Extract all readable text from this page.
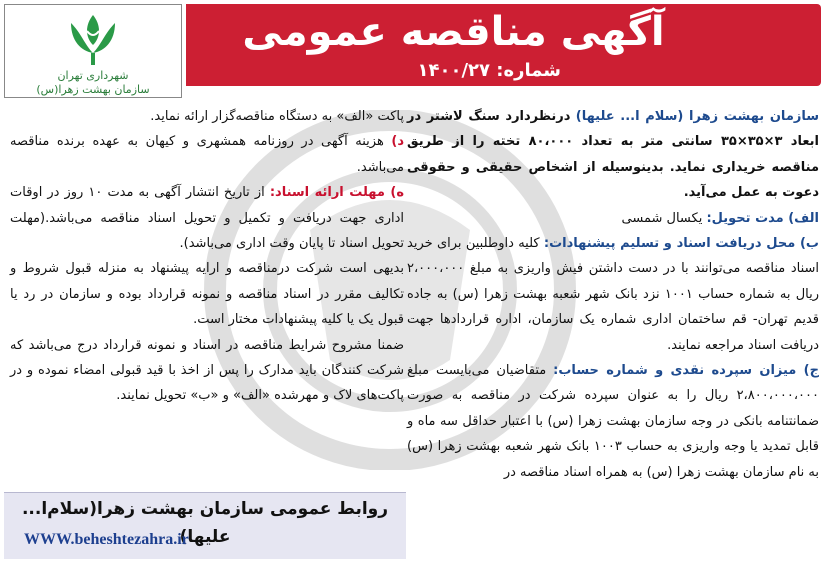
آگهی مناقصه عمومی
شماره: ۱۴۰۰/۲۷
شهرداری تهران
سازمان بهشت زهرا(س)

سازمان بهشت زهرا (سلام ا... علیها) درنظردارد سنگ لاشتر در ابعاد ۳×۳۵×۳۵ سانتی متر به تعداد ۸۰،۰۰۰ تخته را از طریق مناقصه خریداری نماید. بدینوسیله از اشخاص حقیقی و حقوقی دعوت به عمل می‌آید.

الف) مدت تحویل: یکسال شمسی

ب) محل دریافت اسناد و تسلیم پیشنهادات: کلیه داوطلبین برای خرید اسناد مناقصه می‌توانند با در دست داشتن فیش واریزی به مبلغ ۲،۰۰۰،۰۰۰ ریال به شماره حساب ۱۰۰۱ نزد بانک شهر شعبه بهشت زهرا (س) به جاده قدیم تهران- قم ساختمان اداری شماره یک سازمان، اداره قراردادها جهت دریافت اسناد مراجعه نمایند.

ج) میزان سپرده نقدی و شماره حساب: متقاضیان می‌بایست مبلغ ۲،۸۰۰،۰۰۰،۰۰۰ ریال را به عنوان سپرده شرکت در مناقصه به صورت ضمانتنامه بانکی در وجه سازمان بهشت زهرا (س) با اعتبار حداقل سه ماه و قابل تمدید یا وجه واریزی به حساب ۱۰۰۳ بانک شهر شعبه بهشت زهرا (س) به نام سازمان بهشت زهرا (س) به همراه اسناد مناقصه در

پاکت «الف» به دستگاه مناقصه‌گزار ارائه نماید.

د) هزینه آگهی در روزنامه همشهری و کیهان به عهده برنده مناقصه می‌باشد.

ه) مهلت ارائه اسناد: از تاریخ انتشار آگهی به مدت ۱۰ روز در اوقات اداری جهت دریافت و تکمیل و تحویل اسناد مناقصه می‌باشد.(مهلت تحویل اسناد تا پایان وقت اداری می‌باشد).

بدیهی است شرکت درمناقصه و ارایه پیشنهاد به منزله قبول شروط و تکالیف مقرر در اسناد مناقصه و نمونه قرارداد بوده و سازمان در رد یا قبول یک یا کلیه پیشنهادات مختار است.

ضمنا مشروح شرایط مناقصه در اسناد و نمونه قرارداد درج می‌باشد که شرکت کنندگان باید مدارک را پس از اخذ با قید قبولی امضاء نموده و در پاکت‌های لاک و مهرشده «الف» و «ب» تحویل نمایند.

روابط عمومی سازمان بهشت زهرا(سلام‌ا... علیها)
WWW.beheshtezahra.ir
